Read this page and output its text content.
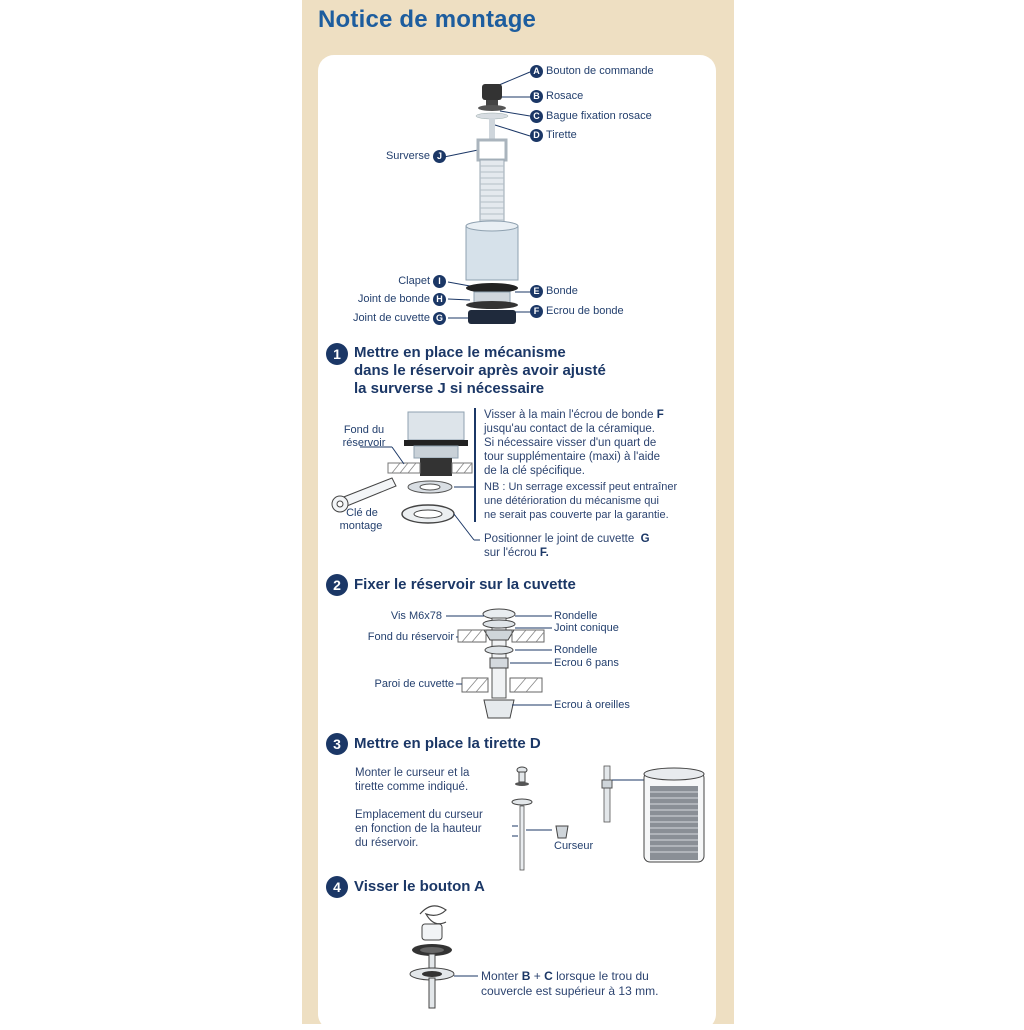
Notice de montage
A Bouton de commande
B Rosace
C Bague fixation rosace
D Tirette
Surverse J
Clapet I
Joint de bonde H
Joint de cuvette G
E Bonde
F Ecrou de bonde
1 Mettre en place le mécanisme
dans le réservoir après avoir ajusté
la surverse J si nécessaire
Fond du
réservoir
Clé de
montage
Visser à la main l'écrou de bonde F
jusqu'au contact de la céramique.
Si nécessaire visser d'un quart de
tour supplémentaire (maxi) à l'aide
de la clé spécifique.
NB : Un serrage excessif peut entraîner
une détérioration du mécanisme qui
ne serait pas couverte par la garantie.
Positionner le joint de cuvette G
sur l'écrou F.
2 Fixer le réservoir sur la cuvette
Vis M6x78
Fond du réservoir
Paroi de cuvette
Rondelle
Joint conique
Rondelle
Ecrou 6 pans
Ecrou à oreilles
3 Mettre en place la tirette D
Monter le curseur et la
tirette comme indiqué.
Emplacement du curseur
en fonction de la hauteur
du réservoir.	Curseur
4 Visser le bouton A
Monter B + C lorsque le trou du
couvercle est supérieur à 13 mm.
